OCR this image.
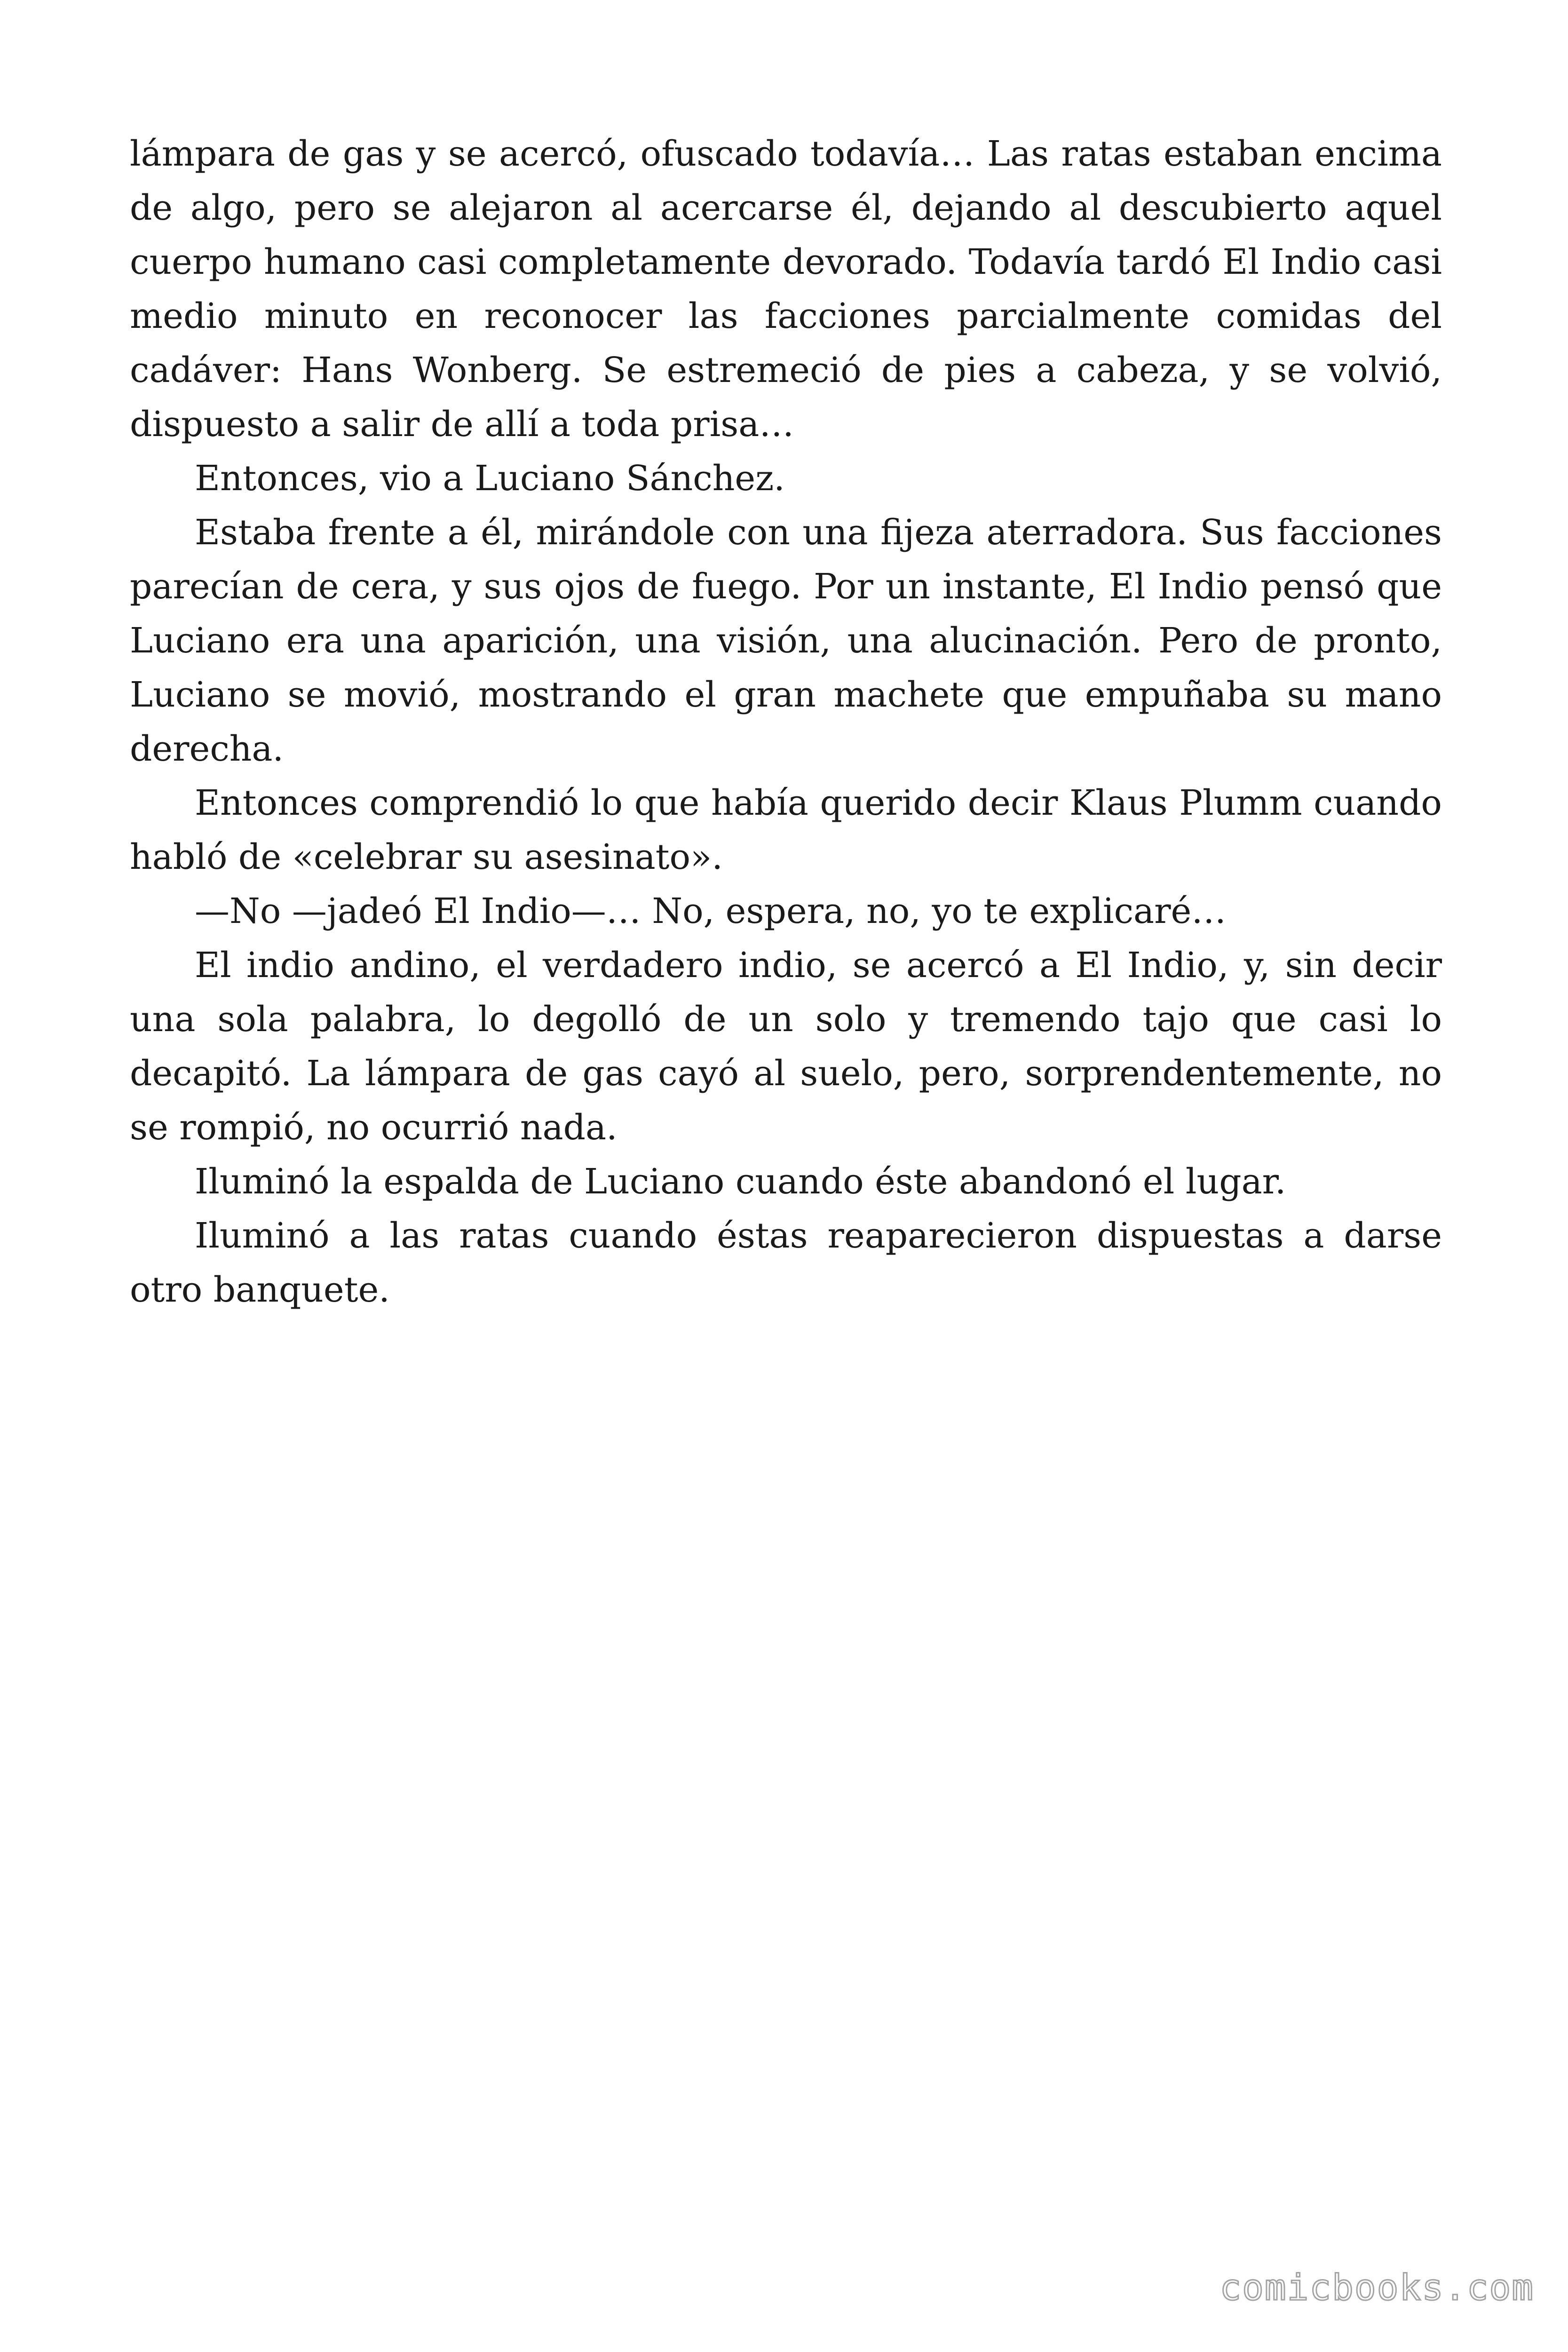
lámpara de gas y se acercó, ofuscado todavía… Las ratas estaban encima de algo, pero se alejaron al acercarse él, dejando al descubierto aquel cuerpo humano casi completamente devorado. Todavía tardó El Indio casi medio minuto en reconocer las facciones parcialmente comidas del cadáver: Hans Wonberg. Se estremeció de pies a cabeza, y se volvió, dispuesto a salir de allí a toda prisa…

Entonces, vio a Luciano Sánchez.

Estaba frente a él, mirándole con una fijeza aterradora. Sus facciones parecían de cera, y sus ojos de fuego. Por un instante, El Indio pensó que Luciano era una aparición, una visión, una alucinación. Pero de pronto, Luciano se movió, mostrando el gran machete que empuñaba su mano derecha.

Entonces comprendió lo que había querido decir Klaus Plumm cuando habló de «celebrar su asesinato».

—No —jadeó El Indio—… No, espera, no, yo te explicaré…

El indio andino, el verdadero indio, se acercó a El Indio, y, sin decir una sola palabra, lo degolló de un solo y tremendo tajo que casi lo decapitó. La lámpara de gas cayó al suelo, pero, sorprendentemente, no se rompió, no ocurrió nada.

Iluminó la espalda de Luciano cuando éste abandonó el lugar.

Iluminó a las ratas cuando éstas reaparecieron dispuestas a darse otro banquete.

comicbooks.com
